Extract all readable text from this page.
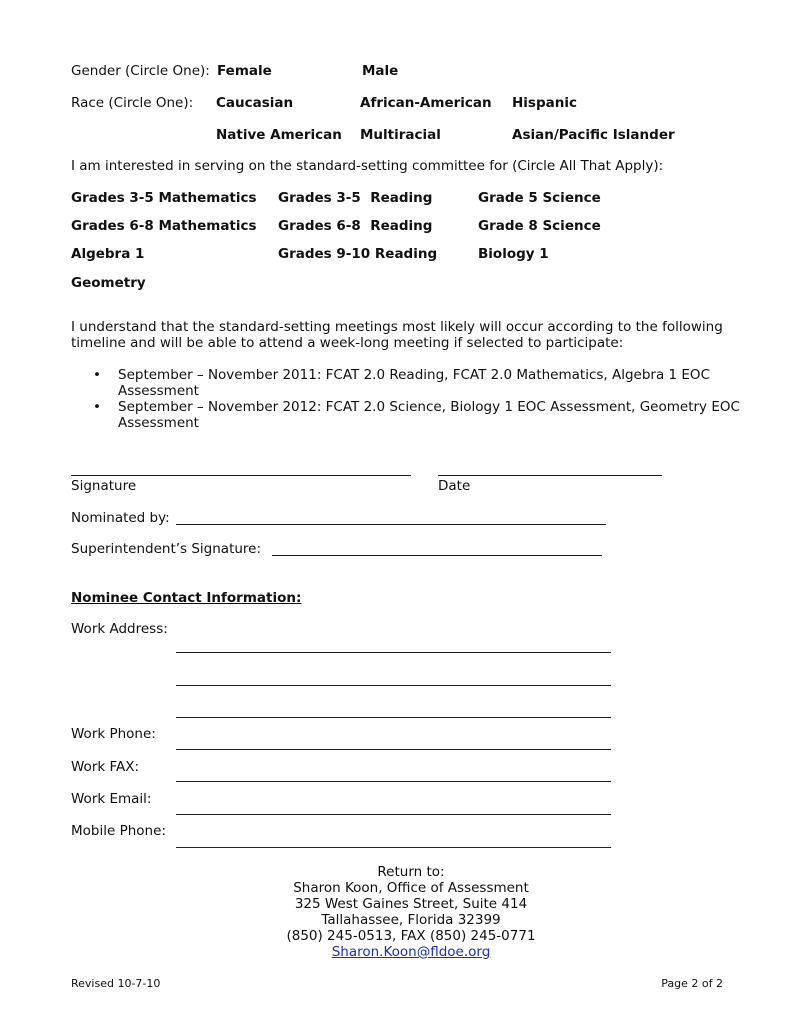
Gender (Circle One): Female	Male
Race (Circle One): Caucasian	African-American Hispanic
Native American Multiracial	Asian/Pacific Islander
I am interested in serving on the standard-setting committee for (Circle All That Apply):
Grades 3-5 Mathematics Grades 3-5  Reading	Grade 5 Science
Grades 6-8 Mathematics Grades 6-8  Reading	Grade 8 Science
Algebra 1	Grades 9-10 Reading	Biology 1
Geometry
I understand that the standard-setting meetings most likely will occur according to the following
timeline and will be able to attend a week-long meeting if selected to participate:
• September – November 2011: FCAT 2.0 Reading, FCAT 2.0 Mathematics, Algebra 1 EOC
Assessment
• September – November 2012: FCAT 2.0 Science, Biology 1 EOC Assessment, Geometry EOC
Assessment
Signature	Date
Nominated by:
Superintendent’s Signature:
Nominee Contact Information:
Work Address:
Work Phone:
Work FAX:
Work Email:
Mobile Phone:
Return to:
Sharon Koon, Office of Assessment
325 West Gaines Street, Suite 414
Tallahassee, Florida 32399
(850) 245-0513, FAX (850) 245-0771
Sharon.Koon@fldoe.org
Revised 10-7-10	Page 2 of 2
